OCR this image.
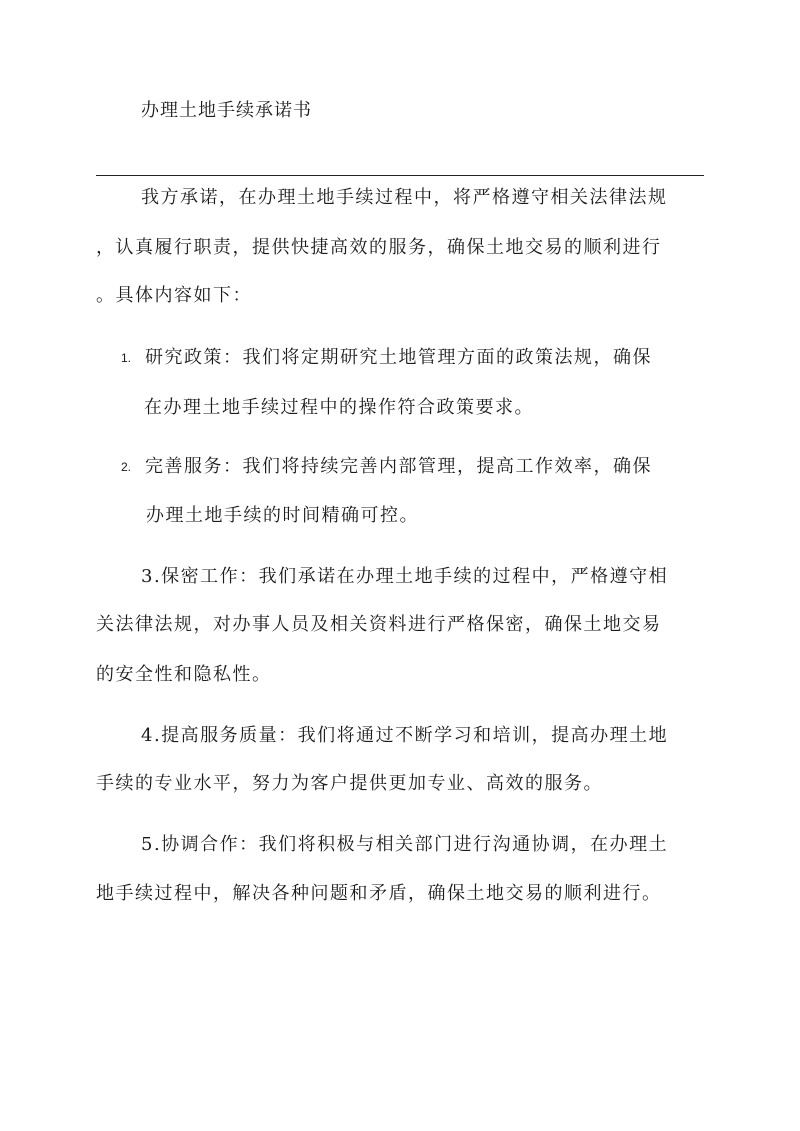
办理土地手续承诺书
我方承诺，在办理土地手续过程中，将严格遵守相关法律法规
，认真履行职责，提供快捷高效的服务，确保土地交易的顺利进行
。具体内容如下：
1. 研究政策：我们将定期研究土地管理方面的政策法规，确保
在办理土地手续过程中的操作符合政策要求。
2. 完善服务：我们将持续完善内部管理，提高工作效率，确保
办理土地手续的时间精确可控。
3.保密工作：我们承诺在办理土地手续的过程中，严格遵守相
关法律法规，对办事人员及相关资料进行严格保密，确保土地交易
的安全性和隐私性。
4.提高服务质量：我们将通过不断学习和培训，提高办理土地
手续的专业水平，努力为客户提供更加专业、高效的服务。
5.协调合作：我们将积极与相关部门进行沟通协调，在办理土
地手续过程中，解决各种问题和矛盾，确保土地交易的顺利进行。
